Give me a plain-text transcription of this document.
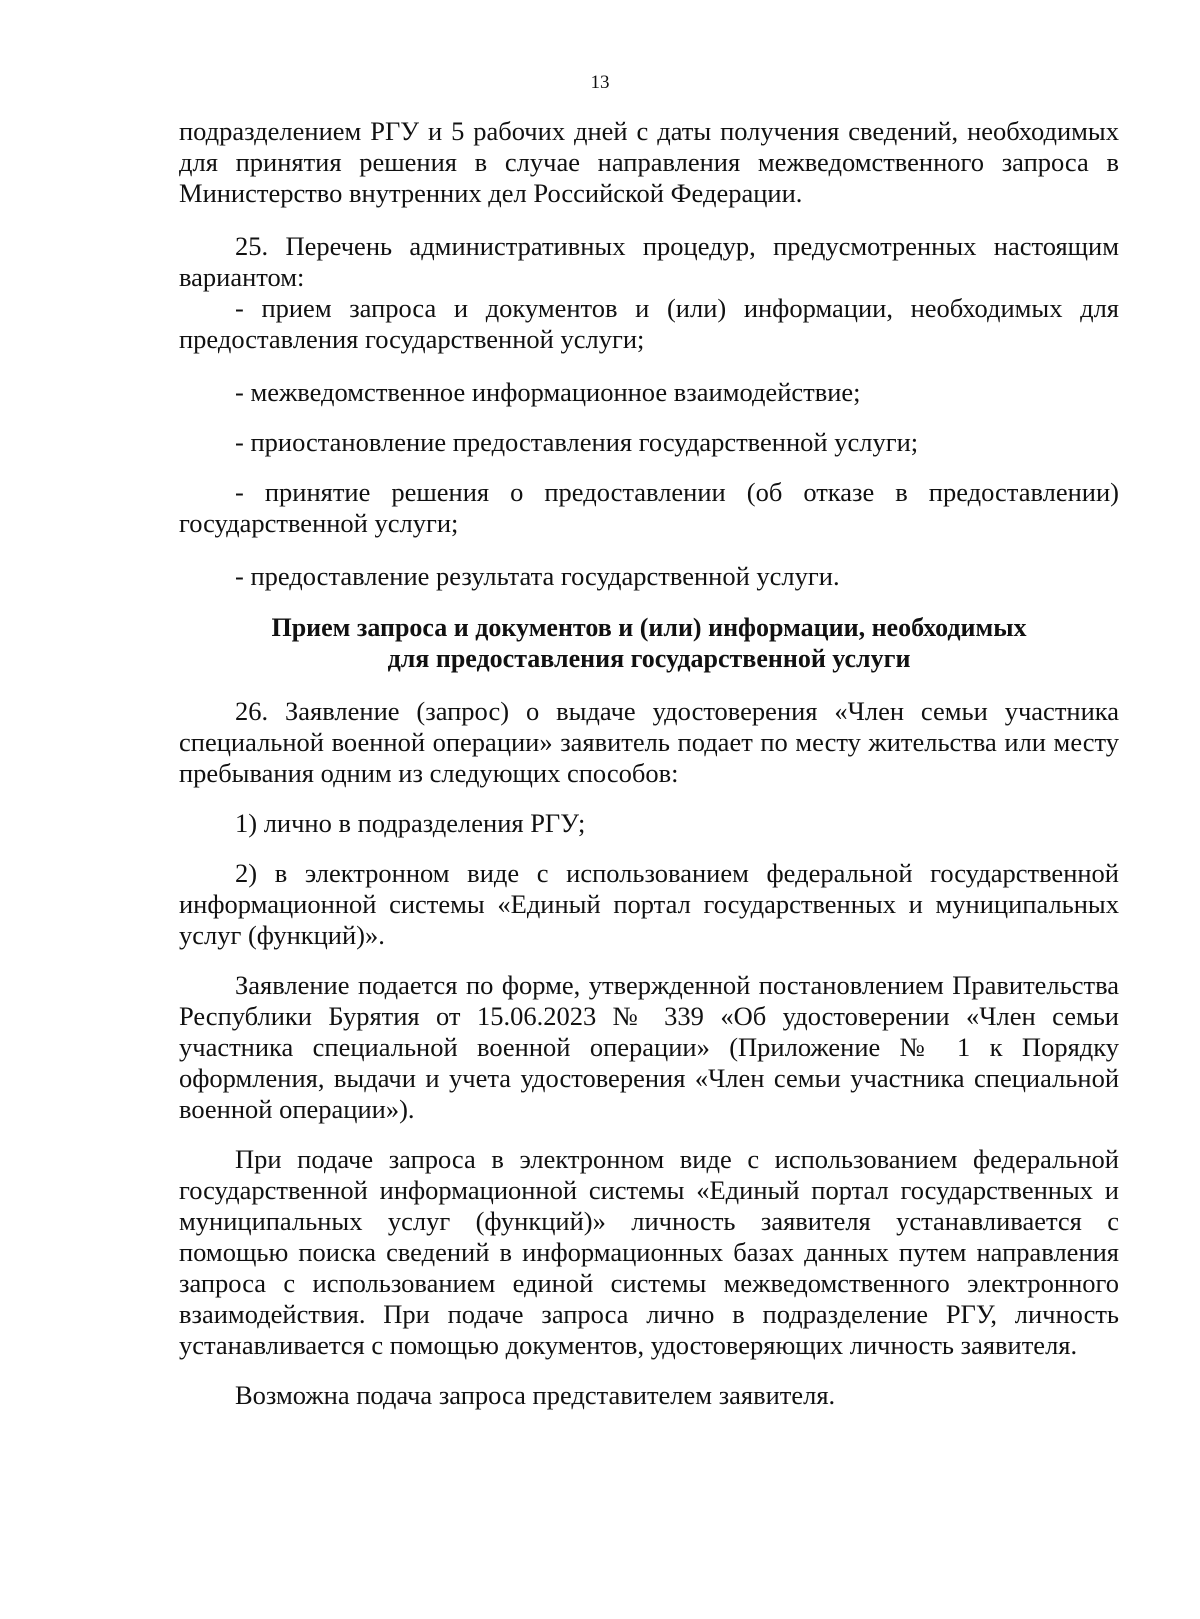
13

подразделением РГУ и 5 рабочих дней с даты получения сведений, необходимых для принятия решения в случае направления межведомственного запроса в Министерство внутренних дел Российской Федерации.

25. Перечень административных процедур, предусмотренных настоящим вариантом:

- прием запроса и документов и (или) информации, необходимых для предоставления государственной услуги;

- межведомственное информационное взаимодействие;

- приостановление предоставления государственной услуги;

- принятие решения о предоставлении (об отказе в предоставлении) государственной услуги;

- предоставление результата государственной услуги.

Прием запроса и документов и (или) информации, необходимых
для предоставления государственной услуги

26. Заявление (запрос) о выдаче удостоверения «Член семьи участника специальной военной операции» заявитель подает по месту жительства или месту пребывания одним из следующих способов:

1) лично в подразделения РГУ;

2) в электронном виде с использованием федеральной государственной информационной системы «Единый портал государственных и муниципальных услуг (функций)».

Заявление подается по форме, утвержденной постановлением Правительства Республики Бурятия от 15.06.2023 № 339 «Об удостоверении «Член семьи участника специальной военной операции» (Приложение № 1 к Порядку оформления, выдачи и учета удостоверения «Член семьи участника специальной военной операции»).

При подаче запроса в электронном виде с использованием федеральной государственной информационной системы «Единый портал государственных и муниципальных услуг (функций)» личность заявителя устанавливается с помощью поиска сведений в информационных базах данных путем направления запроса с использованием единой системы межведомственного электронного взаимодействия. При подаче запроса лично в подразделение РГУ, личность устанавливается с помощью документов, удостоверяющих личность заявителя.

Возможна подача запроса представителем заявителя.
